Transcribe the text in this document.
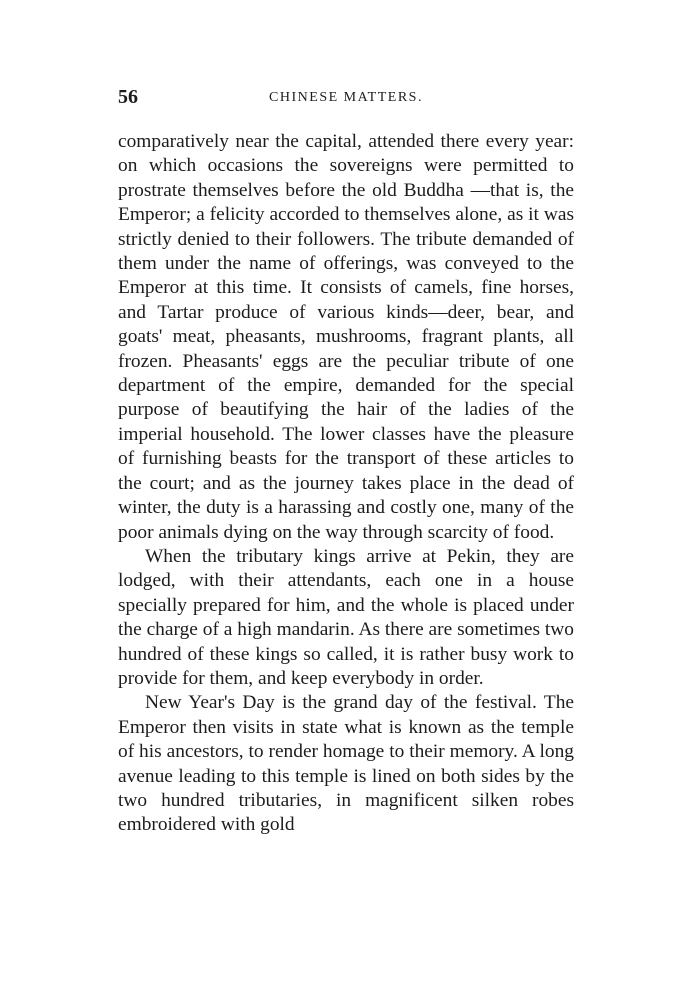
56	CHINESE MATTERS.

comparatively near the capital, attended there every year: on which occasions the sovereigns were permitted to prostrate themselves before the old Buddha —that is, the Emperor; a felicity accorded to themselves alone, as it was strictly denied to their followers. The tribute demanded of them under the name of offerings, was conveyed to the Emperor at this time. It consists of camels, fine horses, and Tartar produce of various kinds—deer, bear, and goats' meat, pheasants, mushrooms, fragrant plants, all frozen. Pheasants' eggs are the peculiar tribute of one department of the empire, demanded for the special purpose of beautifying the hair of the ladies of the imperial household. The lower classes have the pleasure of furnishing beasts for the transport of these articles to the court; and as the journey takes place in the dead of winter, the duty is a harassing and costly one, many of the poor animals dying on the way through scarcity of food.

When the tributary kings arrive at Pekin, they are lodged, with their attendants, each one in a house specially prepared for him, and the whole is placed under the charge of a high mandarin. As there are sometimes two hundred of these kings so called, it is rather busy work to provide for them, and keep everybody in order.

New Year's Day is the grand day of the festival. The Emperor then visits in state what is known as the temple of his ancestors, to render homage to their memory. A long avenue leading to this temple is lined on both sides by the two hundred tributaries, in magnificent silken robes embroidered with gold
